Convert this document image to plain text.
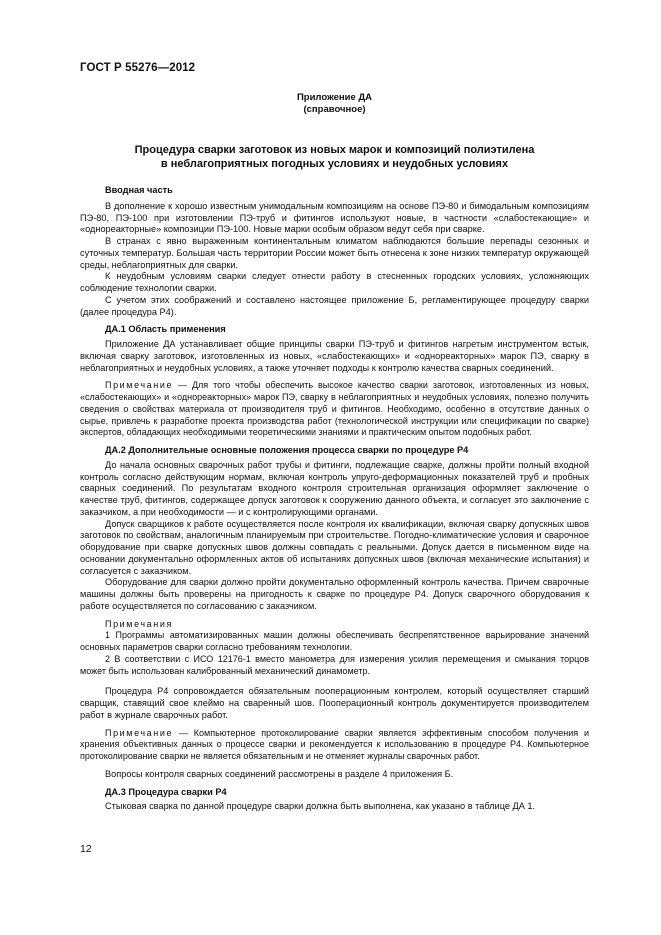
ГОСТ Р 55276—2012
Приложение ДА
(справочное)
Процедура сварки заготовок из новых марок и композиций полиэтилена
в неблагоприятных погодных условиях и неудобных условиях

Вводная часть

В дополнение к хорошо известным унимодальным композициям на основе ПЭ-80 и бимодальным композициям ПЭ-80, ПЭ-100 при изготовлении ПЭ-труб и фитингов используют новые, в частности «слабостекающие» и «однореакторные» композиции ПЭ-100. Новые марки особым образом ведут себя при сварке.

В странах с явно выраженным континентальным климатом наблюдаются большие перепады сезонных и суточных температур. Большая часть территории России может быть отнесена к зоне низких температур окружающей среды, неблагоприятных для сварки.

К неудобным условиям сварки следует отнести работу в стесненных городских условиях, усложняющих соблюдение технологии сварки.

С учетом этих соображений и составлено настоящее приложение Б, регламентирующее процедуру сварки (далее процедура Р4).

ДА.1 Область применения

Приложение ДА устанавливает общие принципы сварки ПЭ-труб и фитингов нагретым инструментом встык, включая сварку заготовок, изготовленных из новых, «слабостекающих» и «однореакторных» марок ПЭ, сварку в неблагоприятных и неудобных условиях, а также уточняет подходы к контролю качества сварных соединений.

Примечание — Для того чтобы обеспечить высокое качество сварки заготовок, изготовленных из новых, «слабостекающих» и «однореакторных» марок ПЭ, сварку в неблагоприятных и неудобных условиях, полезно получить сведения о свойствах материала от производителя труб и фитингов. Необходимо, особенно в отсутствие данных о сырье, привлечь к разработке проекта производства работ (технологической инструкции или спецификации по сварке) экспертов, обладающих необходимыми теоретическими знаниями и практическим опытом подобных работ.

ДА.2 Дополнительные основные положения процесса сварки по процедуре Р4

До начала основных сварочных работ трубы и фитинги, подлежащие сварке, должны пройти полный входной контроль согласно действующим нормам, включая контроль упруго-деформационных показателей труб и пробных сварных соединений. По результатам входного контроля строительная организация оформляет заключение о качестве труб, фитингов, содержащее допуск заготовок к сооружению данного объекта, и согласует это заключение с заказчиком, а при необходимости — и с контролирующими органами.

Допуск сварщиков к работе осуществляется после контроля их квалификации, включая сварку допускных швов заготовок по свойствам, аналогичным планируемым при строительстве. Погодно-климатические условия и сварочное оборудование при сварке допускных швов должны совпадать с реальными. Допуск дается в письменном виде на основании документально оформленных актов об испытаниях допускных швов (включая механические испытания) и согласуется с заказчиком.

Оборудование для сварки должно пройти документально оформленный контроль качества. Причем сварочные машины должны быть проверены на пригодность к сварке по процедуре Р4. Допуск сварочного оборудования к работе осуществляется по согласованию с заказчиком.

Примечания

1 Программы автоматизированных машин должны обеспечивать беспрепятственное варьирование значений основных параметров сварки согласно требованиям технологии.

2 В соответствии с ИСО 12176-1 вместо манометра для измерения усилия перемещения и смыкания торцов может быть использован калиброванный механический динамометр.

Процедура Р4 сопровождается обязательным пооперационным контролем, который осуществляет старший сварщик, ставящий свое клеймо на сваренный шов. Пооперационный контроль документируется производителем работ в журнале сварочных работ.

Примечание — Компьютерное протоколирование сварки является эффективным способом получения и хранения объективных данных о процессе сварки и рекомендуется к использованию в процедуре Р4. Компьютерное протоколирование сварки не является обязательным и не отменяет журналы сварочных работ.

Вопросы контроля сварных соединений рассмотрены в разделе 4 приложения Б.

ДА.3 Процедура сварки Р4

Стыковая сварка по данной процедуре сварки должна быть выполнена, как указано в таблице ДА 1.

12
